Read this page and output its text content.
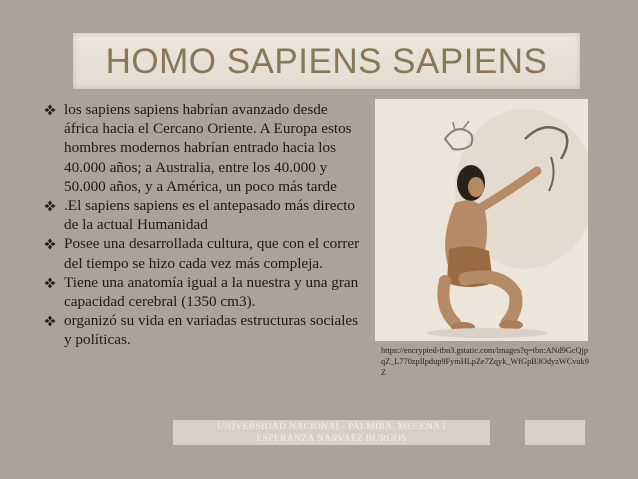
HOMO SAPIENS SAPIENS
los sapiens sapiens habrían avanzado desde áfrica hacia el Cercano Oriente. A Europa estos hombres modernos habrían entrado hacia los 40.000 años; a Australia, entre los 40.000 y 50.000 años, y a América, un poco más tarde
.El sapiens sapiens es el antepasado más directo de la actual Humanidad
Posee una desarrollada cultura, que con el correr del tiempo se hizo cada vez más compleja.
Tiene una anatomía igual a la nuestra y una gran capacidad cerebral (1350 cm3).
organizó su vida en variadas estructuras sociales y políticas.
https://encrypted-tbn3.gstatic.com/images?q=tbn:ANd9GcQjpqZ_L770zpIlpdup9FymHLpZe7Zqyk_WfGpB3OdyzWCvuk9Z
UNIVERSIDAD NACIONAL- PALMIRA. MECENA I
ESPERANZA NARVAEZ BURGOS
